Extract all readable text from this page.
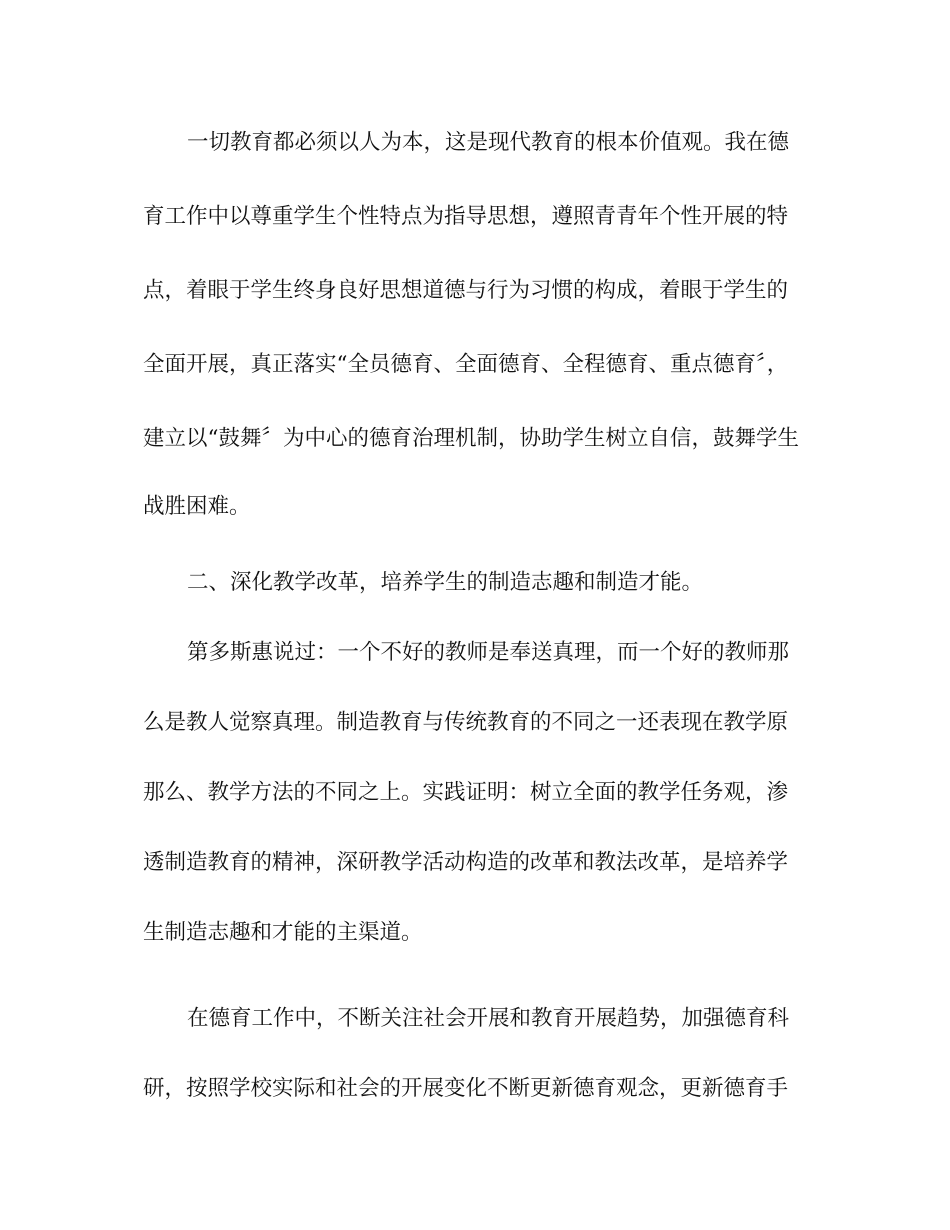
一切教育都必须以人为本，这是现代教育的根本价值观。我在德

育工作中以尊重学生个性特点为指导思想，遵照青青年个性开展的特

点，着眼于学生终身良好思想道德与行为习惯的构成，着眼于学生的

全面开展，真正落实“全员德育、全面德育、全程德育、重点德育〞，

建立以“鼓舞〞为中心的德育治理机制，协助学生树立自信，鼓舞学生

战胜困难。

二、深化教学改革，培养学生的制造志趣和制造才能。

第多斯惠说过：一个不好的教师是奉送真理，而一个好的教师那

么是教人觉察真理。制造教育与传统教育的不同之一还表现在教学原

那么、教学方法的不同之上。实践证明：树立全面的教学任务观，渗

透制造教育的精神，深研教学活动构造的改革和教法改革，是培养学

生制造志趣和才能的主渠道。

在德育工作中，不断关注社会开展和教育开展趋势，加强德育科

研，按照学校实际和社会的开展变化不断更新德育观念，更新德育手
